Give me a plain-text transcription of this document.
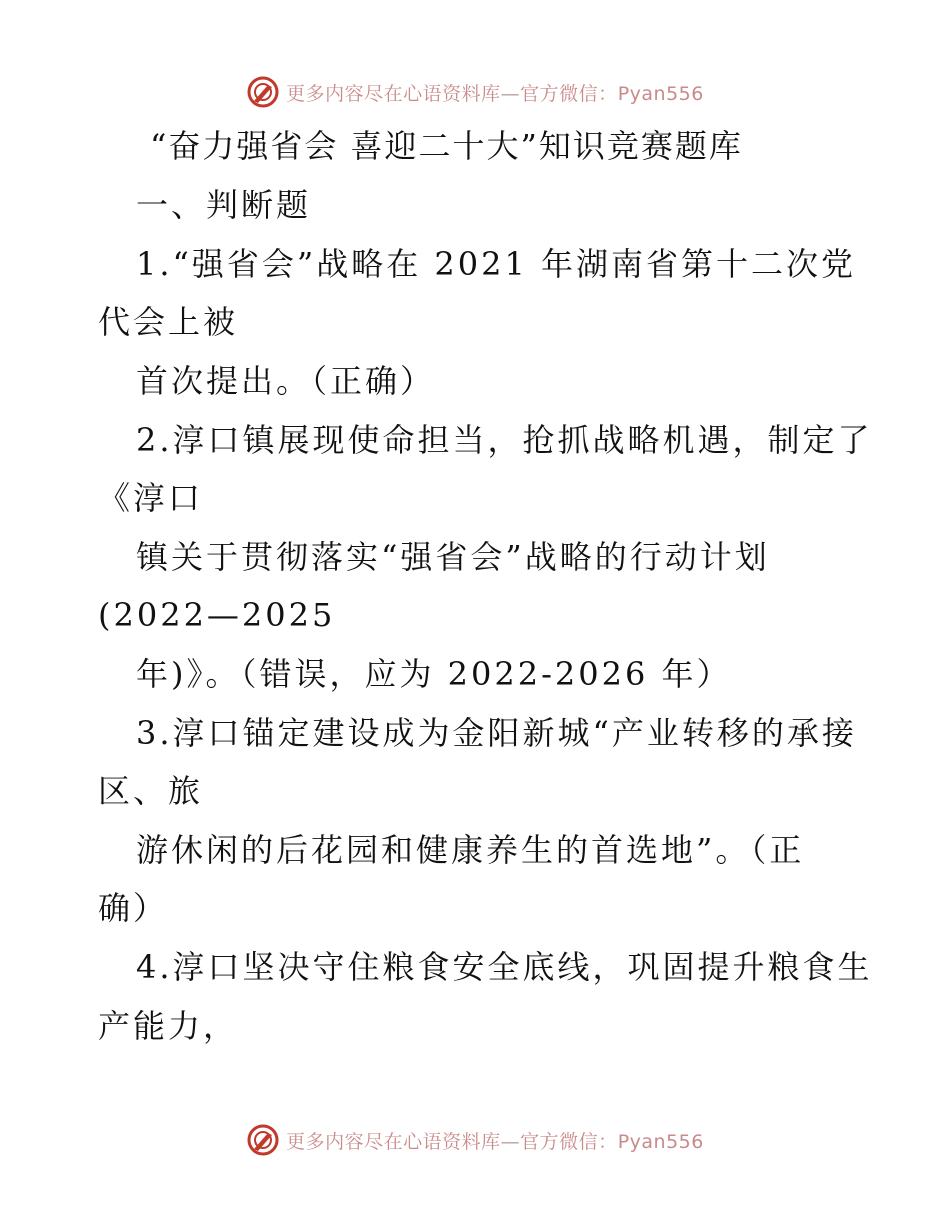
更多内容尽在心语资料库—官方微信：Pyan556
“奋力强省会 喜迎二十大”知识竞赛题库
一、判断题
1.“强省会”战略在 2021 年湖南省第十二次党
代会上被
首次提出。（正确）
2.淳口镇展现使命担当，抢抓战略机遇，制定了
《淳口
镇关于贯彻落实“强省会”战略的行动计划
(2022—2025
年)》。（错误，应为 2022-2026 年）
3.淳口锚定建设成为金阳新城“产业转移的承接
区、旅
游休闲的后花园和健康养生的首选地”。（正
确）
4.淳口坚决守住粮食安全底线，巩固提升粮食生
产能力，
更多内容尽在心语资料库—官方微信：Pyan556
